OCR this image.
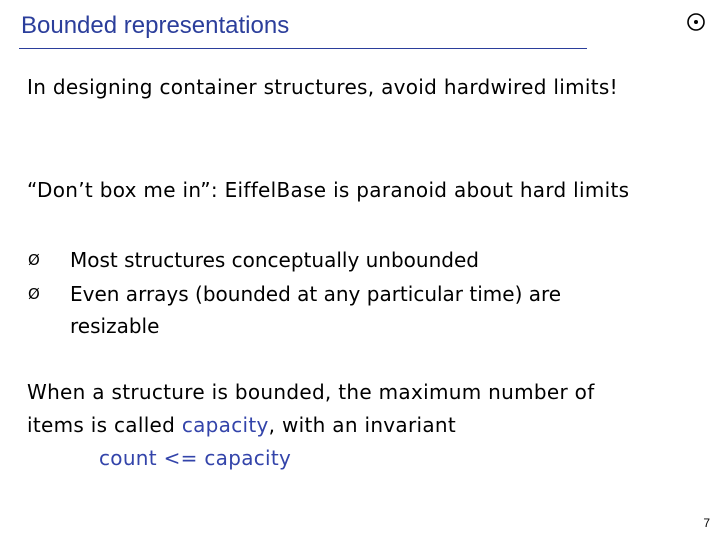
Bounded representations
In designing container structures, avoid hardwired limits!
“Don’t box me in”: EiffelBase is paranoid about hard limits
Ø Most structures conceptually unbounded
Ø Even arrays (bounded at any particular time) are
resizable
When a structure is bounded, the maximum number of
items is called capacity, with an invariant
count <= capacity
7
